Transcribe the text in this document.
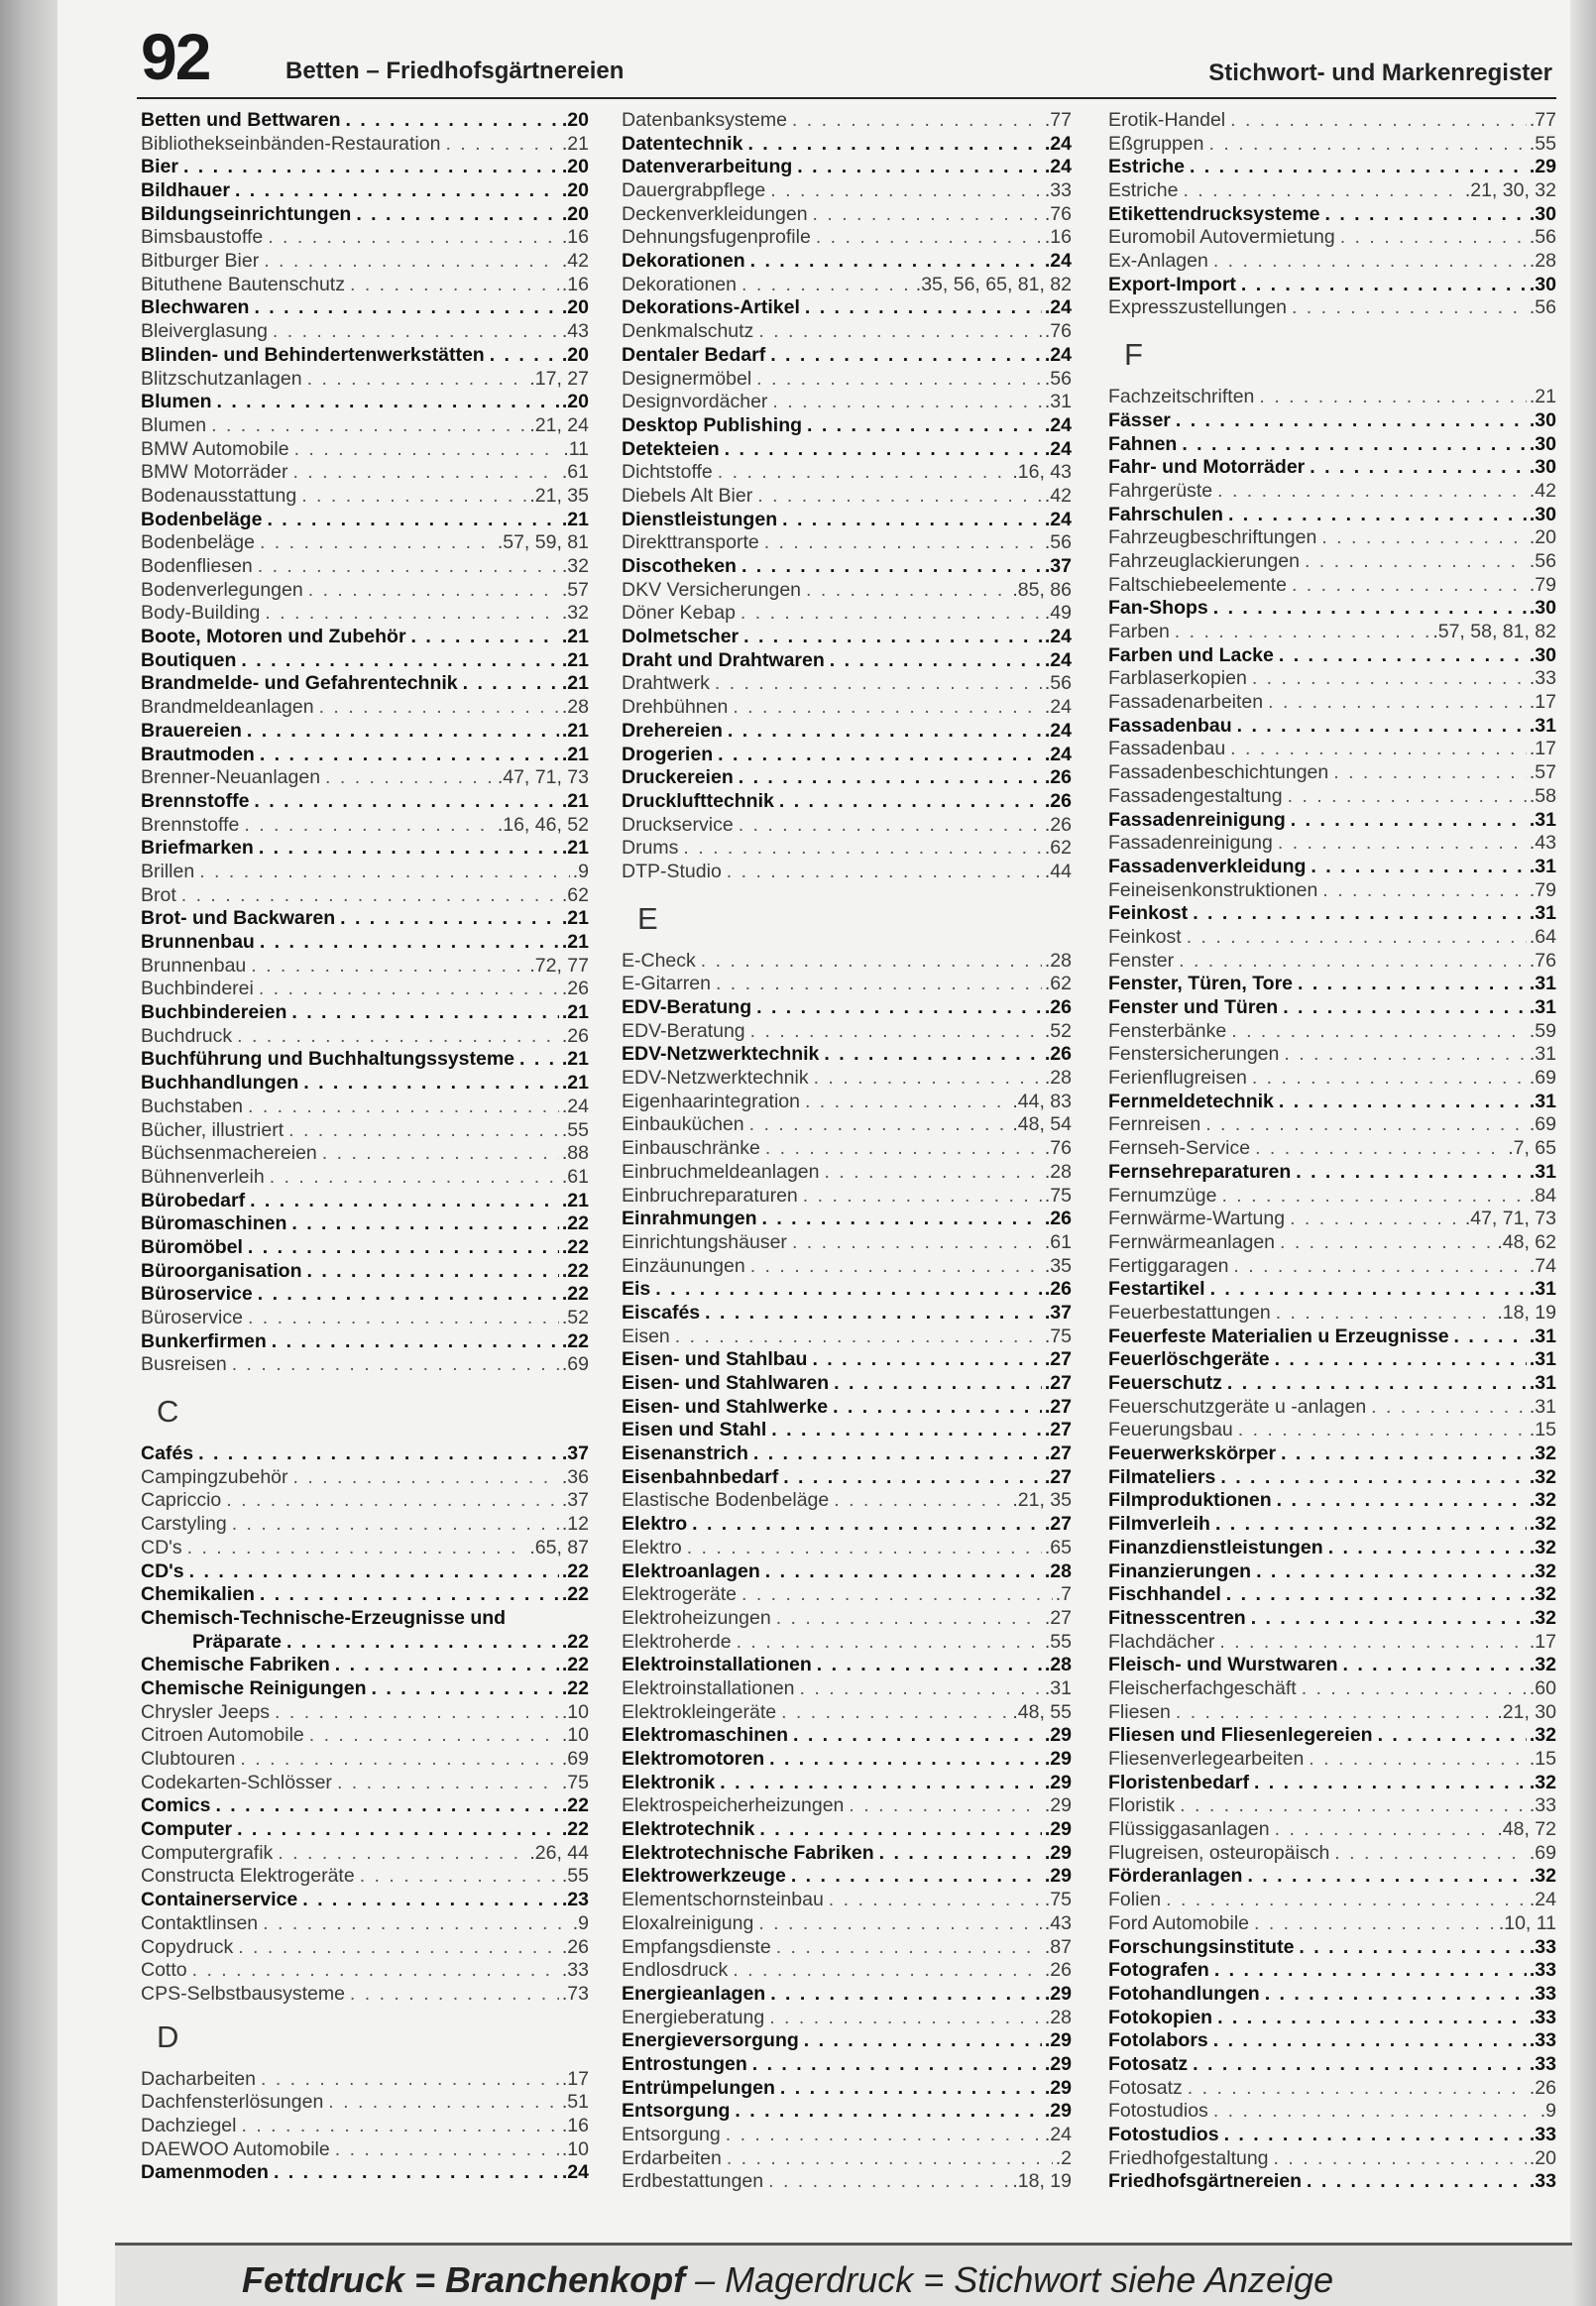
92	Betten – Friedhofsgärtnereien	Stichwort- und Markenregister
Betten und Bettwaren . . .	.20
Bibliothekseinbänden-Restauration . . .	.21
Bier . . .	.20
Bildhauer . . .	.20
Bildungseinrichtungen . . .	.20
Bimsbaustoffe . . .	.16
Bitburger Bier . . .	.42
Bituthene Bautenschutz . . .	.16
Blechwaren . . .	.20
Bleiverglasung . . .	.43
Blinden- und Behindertenwerkstätten . . .	.20
Blitzschutzanlagen . . .	.17, 27
Blumen . . .	.20
Blumen . . .	.21, 24
BMW Automobile . . .	.11
BMW Motorräder . . .	.61
Bodenausstattung . . .	.21, 35
Bodenbeläge . . .	.21
Bodenbeläge . . .	.57, 59, 81
Bodenfliesen . . .	.32
Bodenverlegungen . . .	.57
Body-Building . . .	.32
Boote, Motoren und Zubehör . . .	.21
Boutiquen . . .	.21
Brandmelde- und Gefahrentechnik . . .	.21
Brandmeldeanlagen . . .	.28
Brauereien . . .	.21
Brautmoden . . .	.21
Brenner-Neuanlagen . . .	.47, 71, 73
Brennstoffe . . .	.21
Brennstoffe . . .	.16, 46, 52
Briefmarken . . .	.21
Brillen . . .	.9
Brot . . .	.62
Brot- und Backwaren . . .	.21
Brunnenbau . . .	.21
Brunnenbau . . .	.72, 77
Buchbinderei . . .	.26
Buchbindereien . . .	.21
Buchdruck . . .	.26
Buchführung und Buchhaltungssysteme . . . .21
Buchhandlungen . . .	.21
Buchstaben . . .	.24
Bücher, illustriert . . .	.55
Büchsenmachereien . . .	.88
Bühnenverleih . . .	.61
Bürobedarf . . .	.21
Büromaschinen . . .	.22
Büromöbel . . .	.22
Büroorganisation . . .	.22
Büroservice . . .	.22
Büroservice . . .	.52
Bunkerfirmen . . .	.22
Busreisen . . .	.69
C
Cafés . . .	.37
Campingzubehör . . .	.36
Capriccio . . .	.37
Carstyling . . .	.12
CD's . . .	.65, 87
CD's . . .	.22
Chemikalien . . .	.22
Chemisch-Technische-Erzeugnisse und
Präparate . . .	.22
Chemische Fabriken . . .	.22
Chemische Reinigungen . . .	.22
Chrysler Jeeps . . .	.10
Citroen Automobile . . .	.10
Clubtouren . . .	.69
Codekarten-Schlösser . . .	.75
Comics . . .	.22
Computer . . .	.22
Computergrafik . . .	.26, 44
Constructa Elektrogeräte . . .	.55
Containerservice . . .	.23
Contaktlinsen . . .	.9
Copydruck . . .	.26
Cotto . . .	.33
CPS-Selbstbausysteme . . .	.73
D
Dacharbeiten . . .	.17
Dachfensterlösungen . . .	.51
Dachziegel . . .	.16
DAEWOO Automobile . . .	.10
Damenmoden . . .	.24
Datenbanksysteme . . .	.77
Datentechnik . . .	.24
Datenverarbeitung . . .	.24
Dauergrabpflege . . .	.33
Deckenverkleidungen . . .	.76
Dehnungsfugenprofile . . .	.16
Dekorationen . . .	.24
Dekorationen . . .	.35, 56, 65, 81, 82
Dekorations-Artikel . . .	.24
Denkmalschutz . . .	.76
Dentaler Bedarf . . .	.24
Designermöbel . . .	.56
Designvordächer . . .	.31
Desktop Publishing . . .	.24
Detekteien . . .	.24
Dichtstoffe . . .	.16, 43
Diebels Alt Bier . . .	.42
Dienstleistungen . . .	.24
Direkttransporte . . .	.56
Discotheken . . .	.37
DKV Versicherungen . . .	.85, 86
Döner Kebap . . .	.49
Dolmetscher . . .	.24
Draht und Drahtwaren . . .	.24
Drahtwerk . . .	.56
Drehbühnen . . .	.24
Drehereien . . .	.24
Drogerien . . .	.24
Druckereien . . .	.26
Drucklufttechnik . . .	.26
Druckservice . . .	.26
Drums . . .	.62
DTP-Studio . . .	.44
E
E-Check . . .	.28
E-Gitarren . . .	.62
EDV-Beratung . . .	.26
EDV-Beratung . . .	.52
EDV-Netzwerktechnik . . .	.26
EDV-Netzwerktechnik . . .	.28
Eigenhaarintegration . . .	.44, 83
Einbauküchen . . .	.48, 54
Einbauschränke . . .	.76
Einbruchmeldeanlagen . . .	.28
Einbruchreparaturen . . .	.75
Einrahmungen . . .	.26
Einrichtungshäuser . . .	.61
Einzäunungen . . .	.35
Eis . . .	.26
Eiscafés . . .	.37
Eisen . . .	.75
Eisen- und Stahlbau . . .	.27
Eisen- und Stahlwaren . . .	.27
Eisen- und Stahlwerke . . .	.27
Eisen und Stahl . . .	.27
Eisenanstrich . . .	.27
Eisenbahnbedarf . . .	.27
Elastische Bodenbeläge . . .	.21, 35
Elektro . . .	.27
Elektro . . .	.65
Elektroanlagen . . .	.28
Elektrogeräte . . .	.7
Elektroheizungen . . .	.27
Elektroherde . . .	.55
Elektroinstallationen . . .	.28
Elektroinstallationen . . .	.31
Elektrokleingeräte . . .	.48, 55
Elektromaschinen . . .	.29
Elektromotoren . . .	.29
Elektronik . . .	.29
Elektrospeicherheizungen . . .	.29
Elektrotechnik . . .	.29
Elektrotechnische Fabriken . . .	.29
Elektrowerkzeuge . . .	.29
Elementschornsteinbau . . .	.75
Eloxalreinigung . . .	.43
Empfangsdienste . . .	.87
Endlosdruck . . .	.26
Energieanlagen . . .	.29
Energieberatung . . .	.28
Energieversorgung . . .	.29
Entrostungen . . .	.29
Entrümpelungen . . .	.29
Entsorgung . . .	.29
Entsorgung . . .	.24
Erdarbeiten . . .	.2
Erdbestattungen . . .	.18, 19
Erotik-Handel . . .	.77
Eßgruppen . . .	.55
Estriche . . .	.29
Estriche . . .	.21, 30, 32
Etikettendrucksysteme . . .	.30
Euromobil Autovermietung . . .	.56
Ex-Anlagen . . .	.28
Export-Import . . .	.30
Expresszustellungen . . .	.56
F
Fachzeitschriften . . .	.21
Fässer . . .	.30
Fahnen . . .	.30
Fahr- und Motorräder . . .	.30
Fahrgerüste . . .	.42
Fahrschulen . . .	.30
Fahrzeugbeschriftungen . . .	.20
Fahrzeuglackierungen . . .	.56
Faltschiebeelemente . . .	.79
Fan-Shops . . .	.30
Farben . . .	.57, 58, 81, 82
Farben und Lacke . . .	.30
Farblaserkopien . . .	.33
Fassadenarbeiten . . .	.17
Fassadenbau . . .	.31
Fassadenbau . . .	.17
Fassadenbeschichtungen . . .	.57
Fassadengestaltung . . .	.58
Fassadenreinigung . . .	.31
Fassadenreinigung . . .	.43
Fassadenverkleidung . . .	.31
Feineisenkonstruktionen . . .	.79
Feinkost . . .	.31
Feinkost . . .	.64
Fenster . . .	.76
Fenster, Türen, Tore . . .	.31
Fenster und Türen . . .	.31
Fensterbänke . . .	.59
Fenstersicherungen . . .	.31
Ferienflugreisen . . .	.69
Fernmeldetechnik . . .	.31
Fernreisen . . .	.69
Fernseh-Service . . .	.7, 65
Fernsehreparaturen . . .	.31
Fernumzüge . . .	.84
Fernwärme-Wartung . . .	.47, 71, 73
Fernwärmeanlagen . . .	.48, 62
Fertiggaragen . . .	.74
Festartikel . . .	.31
Feuerbestattungen . . .	.18, 19
Feuerfeste Materialien u Erzeugnisse . . .	.31
Feuerlöschgeräte . . .	.31
Feuerschutz . . .	.31
Feuerschutzgeräte u -anlagen . . .	.31
Feuerungsbau . . .	.15
Feuerwerkskörper . . .	.32
Filmateliers . . .	.32
Filmproduktionen . . .	.32
Filmverleih . . .	.32
Finanzdienstleistungen . . .	.32
Finanzierungen . . .	.32
Fischhandel . . .	.32
Fitnesscentren . . .	.32
Flachdächer . . .	.17
Fleisch- und Wurstwaren . . .	.32
Fleischerfachgeschäft . . .	.60
Fliesen . . .	.21, 30
Fliesen und Fliesenlegereien . . .	.32
Fliesenverlegearbeiten . . .	.15
Floristenbedarf . . .	.32
Floristik . . .	.33
Flüssiggasanlagen . . .	.48, 72
Flugreisen, osteuropäisch . . .	.69
Förderanlagen . . .	.32
Folien . . .	.24
Ford Automobile . . .	.10, 11
Forschungsinstitute . . .	.33
Fotografen . . .	.33
Fotohandlungen . . .	.33
Fotokopien . . .	.33
Fotolabors . . .	.33
Fotosatz . . .	.33
Fotosatz . . .	.26
Fotostudios . . .	.9
Fotostudios . . .	.33
Friedhofgestaltung . . .	.20
Friedhofsgärtnereien . . .	.33
Fettdruck = Branchenkopf – Magerdruck = Stichwort siehe Anzeige
